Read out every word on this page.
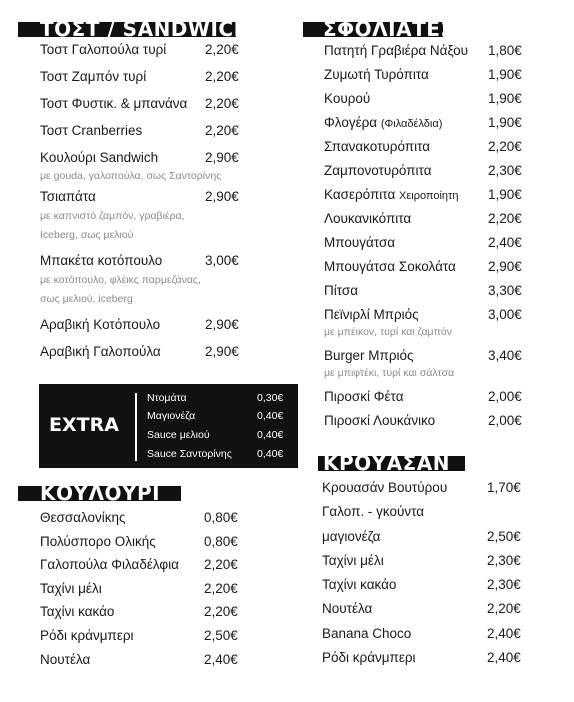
ΤΟΣΤ / SANDWICH	ΣΦΟΛΙΑΤΕΣ
ΚΟΥΛΟΥΡΙ
ΚΡΟΥΑΣΑΝ
Τοστ Γαλοπούλα τυρί	2,20€
Τοστ Ζαμπόν τυρί	2,20€
Τοστ Φυστικ. & μπανάνα 2,20€
Τοστ Cranberries	2,20€
Κουλούρι Sandwich	2,90€
με gouda, γαλοπούλα, σως Σαντορίνης
Τσιαπάτα	2,90€
με καπνιστό ζαμπόν, γραβιέρα,
Iceberg, σως μελιού
Μπακέτα κοτόπουλο	3,00€
με κοτόπουλο, φλέικς παρμεζάνας,
σως μελιού, iceberg
Αραβική Κοτόπουλο	2,90€
Αραβική Γαλοπούλα	2,90€
EXTRA
Ντομάτα	0,30€
Μαγιονέζα	0,40€
Sauce μελιού	0,40€
Sauce Σαντορίνης 0,40€
Θεσσαλονίκης	0,80€
Πολύσπορο Ολικής	0,80€
Γαλοπούλα Φιλαδέλφια 2,20€
Ταχίνι μέλι	2,20€
Ταχίνι κακάο	2,20€
Ρόδι κράνμπερι	2,50€
Νουτέλα	2,40€
Πατητή Γραβιέρα Νάξου 1,80€
Ζυμωτή Τυρόπιτα	1,90€
Κουρού	1,90€
Φλογέρα (Φιλαδέλδια)	1,90€
Σπανακοτυρόπιτα	2,20€
Ζαμπονοτυρόπιτα	2,30€
Κασερόπιτα Χειροποίητη 1,90€
Λουκανικόπιτα	2,20€
Μπουγάτσα	2,40€
Μπουγάτσα Σοκολάτα 2,90€
Πίτσα	3,30€
Πεϊνιρλί Μπριός	3,00€
με μπέικον, τυρί και ζαμπόν
Burger Μπριός	3,40€
με μπιφτέκι, τυρί και σάλτσα
Πιροσκί Φέτα	2,00€
Πιροσκί Λουκάνικο	2,00€
Κρουασάν Βουτύρου	1,70€
Γαλοπ. - γκούντα
μαγιονέζα	2,50€
Ταχίνι μέλι	2,30€
Ταχίνι κακάο	2,30€
Νουτέλα	2,20€
Banana Choco	2,40€
Ρόδι κράνμπερι	2,40€
